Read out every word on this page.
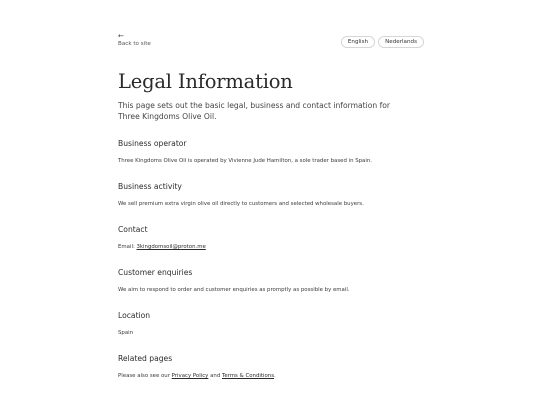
←
Back to site	English	Nederlands
Legal Information

This page sets out the basic legal, business and contact information for Three Kingdoms Olive Oil.

Business operator

Three Kingdoms Olive Oil is operated by Vivienne Jude Hamilton, a sole trader based in Spain.

Business activity

We sell premium extra virgin olive oil directly to customers and selected wholesale buyers.

Contact

Email: 3kingdomsoil@proton.me

Customer enquiries

We aim to respond to order and customer enquiries as promptly as possible by email.

Location

Spain

Related pages

Please also see our Privacy Policy and Terms & Conditions.
